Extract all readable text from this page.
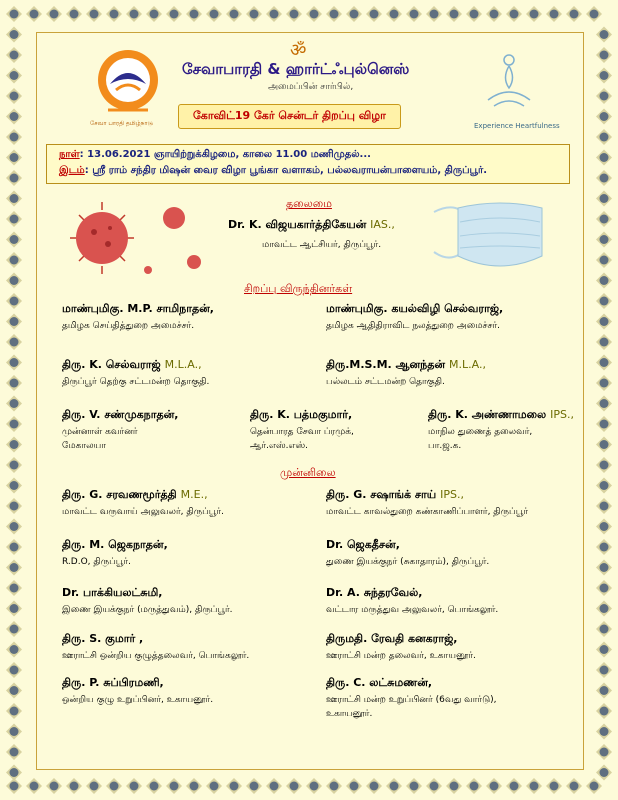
சேவா பாரதி தமிழ்நாடு
ॐ
சேவாபாரதி & ஹார்ட்ஃபுல்னெஸ்
அமைப்பின் சார்பில்,
Experience Heartfulness
கோவிட்19 கேர் சென்டர் திறப்பு விழா
நாள்: 13.06.2021 ஞாயிற்றுக்கிழமை, காலை 11.00 மணிமுதல்...
இடம்: ஸ்ரீ ராம் சந்திர மிஷன் வைர விழா பூங்கா வளாகம், பல்லவராயன்பாளையம், திருப்பூர்.
தலைமை
Dr. K. விஜயகார்த்திகேயன் IAS.,
மாவட்ட ஆட்சியர், திருப்பூர்.
சிறப்பு விருந்தினர்கள்
மாண்புமிகு. M.P. சாமிநாதன்,
தமிழக செய்தித்துறை அமைச்சர்.
மாண்புமிகு. கயல்விழி செல்வராஜ்,
தமிழக ஆதிதிராவிட நலத்துறை அமைச்சர்.
திரு. K. செல்வராஜ் M.L.A.,
திருப்பூர் தெற்கு சட்டமன்ற தொகுதி.
திரு.M.S.M. ஆனந்தன் M.L.A.,
பல்லடம் சட்டமன்ற தொகுதி.
திரு. V. சண்முகநாதன்,
முன்னாள் கவர்னர்
மேகாலயா
திரு. K. பத்மகுமார்,
தென்பாரத சேவா ப்ரமுக்,
ஆர்.எஸ்.எஸ்.
திரு. K. அண்ணாமலை IPS.,
மாநில துணைத் தலைவர்,
பா.ஜ.க.
முன்னிலை
திரு. G. சரவணமூர்த்தி M.E.,
மாவட்ட வருவாய் அலுவலர், திருப்பூர்.
திரு. G. சஷாங்க் சாய் IPS.,
மாவட்ட காவல்துறை கண்காணிப்பாளர், திருப்பூர்
திரு. M. ஜெகநாதன்,
R.D.O, திருப்பூர்.
Dr. ஜெகதீசன்,
துணை இயக்குநர் (சுகாதாரம்), திருப்பூர்.
Dr. பாக்கியலட்சுமி,
இணை இயக்குநர் (மருத்துவம்), திருப்பூர்.
Dr. A. சுந்தரவேல்,
வட்டார மருத்துவ அலுவலர், பொங்கலூர்.
திரு. S. குமார் ,
ஊராட்சி ஒன்றிய குழுத்தலைவர், பொங்கலூர்.
திருமதி. ரேவதி கனகராஜ்,
ஊராட்சி மன்ற தலைவர், உகாயனூர்.
திரு. P. சுப்பிரமணி,
ஒன்றிய குழு உறுப்பினர், உகாயனூர்.
திரு. C. லட்சுமணன்,
ஊராட்சி மன்ற உறுப்பினர் (6வது வார்டு),
உகாயனூர்.
